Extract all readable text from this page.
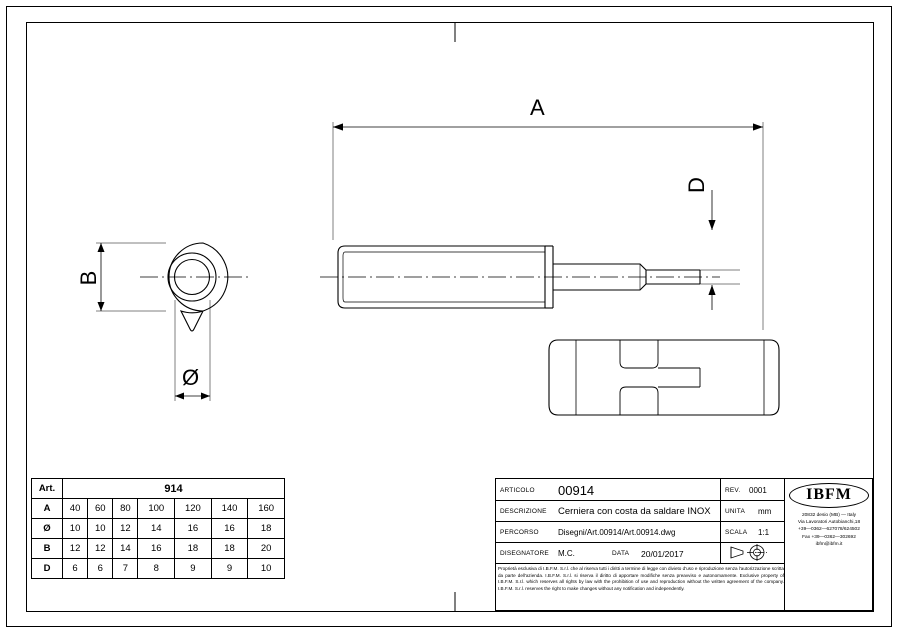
A
B
D
Ø
Art.	914						
A	40	60	80	100	120	140	160
Ø	10	10	12	14	16	16	18
B	12	12	14	16	18	18	20
D	6	6	7	8	9	9	10
ARTICOLO 00914	REV. 0001
DESCRIZIONE Cerniera con costa da saldare INOX UNITA mm
PERCORSO Disegni/Art.00914/Art.00914.dwg	SCALA 1:1
DISEGNATORE M.C.	DATA 20/01/2017
Proprietà esclusiva di I.B.F.M. S.r.l. che al riserva tutti i diritti a termine di legge con divieto d'uso e riproduzione senza l'autorizzazione scritta da parte dell'azienda. I.B.F.M. S.r.l. si riserva il diritto di apportare modifiche senza preavviso e autonomamente. Exclusive property of I.B.F.M. S.r.l. which reserves all rights by law with the prohibition of use and reproduction without the written agreement of the company. I.B.F.M. S.r.l. reserves the right to make changes without any notification and independently.
IBFM
20832 desio (MB) — Italy
Via Lavoratori Autobianchi,18
+39—0362—627078/624502
Fax +39—0362—302692
ibfm@ibfm.it
